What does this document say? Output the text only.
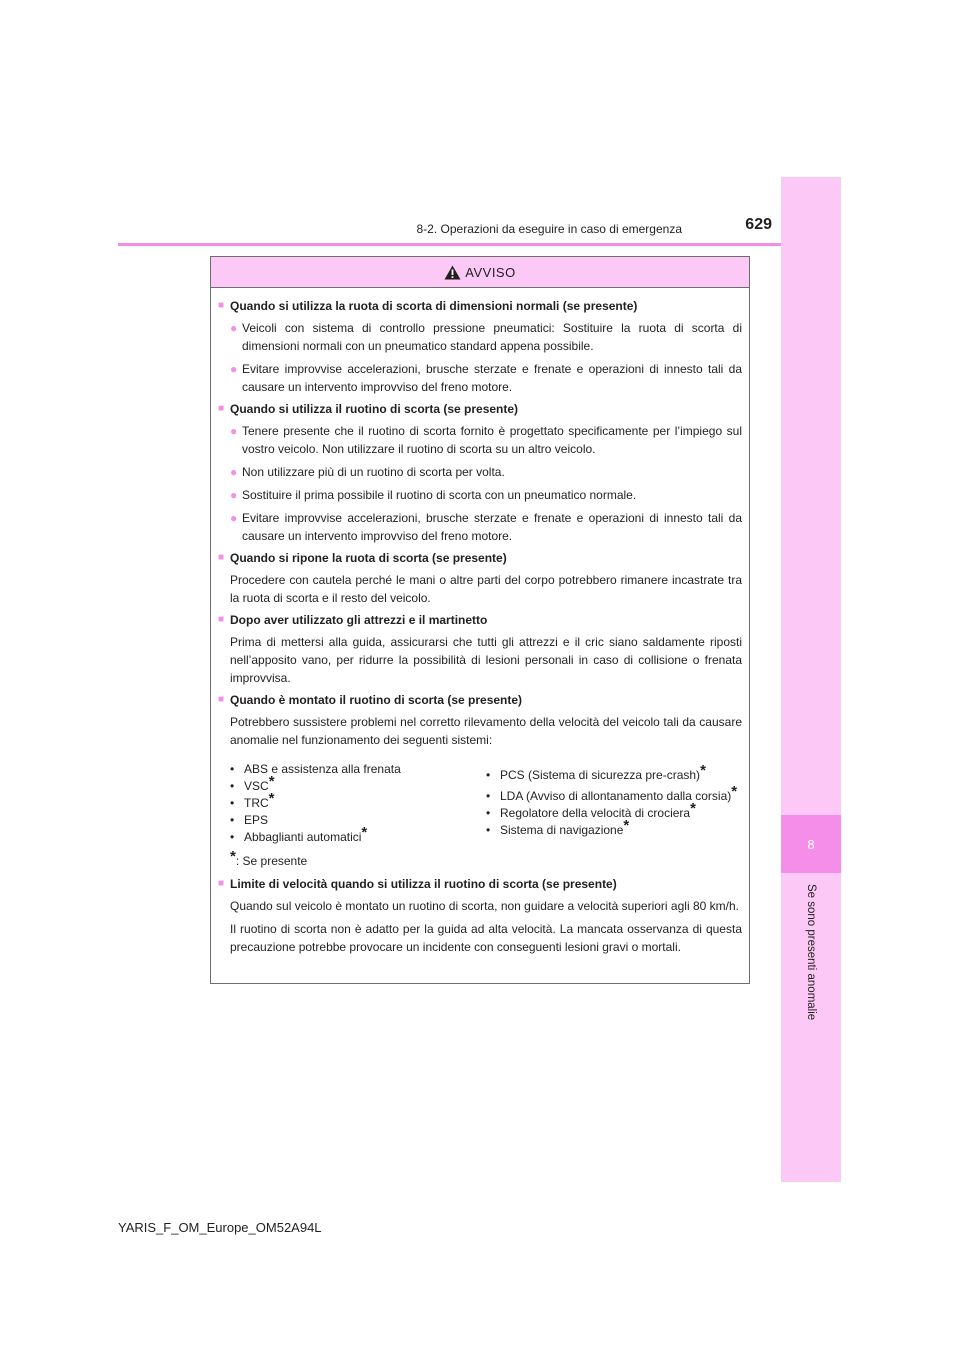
8
Se sono presenti anomalie
8-2. Operazioni da eseguire in caso di emergenza	629
AVVISO
■ Quando si utilizza la ruota di scorta di dimensioni normali (se presente)
● Veicoli con sistema di controllo pressione pneumatici: Sostituire la ruota di scorta di dimensioni normali con un pneumatico standard appena possibile.
● Evitare improvvise accelerazioni, brusche sterzate e frenate e operazioni di innesto tali da causare un intervento improvviso del freno motore.
■ Quando si utilizza il ruotino di scorta (se presente)
● Tenere presente che il ruotino di scorta fornito è progettato specificamente per l’impiego sul vostro veicolo. Non utilizzare il ruotino di scorta su un altro veicolo.
● Non utilizzare più di un ruotino di scorta per volta.
● Sostituire il prima possibile il ruotino di scorta con un pneumatico normale.
● Evitare improvvise accelerazioni, brusche sterzate e frenate e operazioni di innesto tali da causare un intervento improvviso del freno motore.
■ Quando si ripone la ruota di scorta (se presente)
Procedere con cautela perché le mani o altre parti del corpo potrebbero rimanere incastrate tra la ruota di scorta e il resto del veicolo.
■ Dopo aver utilizzato gli attrezzi e il martinetto
Prima di mettersi alla guida, assicurarsi che tutti gli attrezzi e il cric siano saldamente riposti nell’apposito vano, per ridurre la possibilità di lesioni personali in caso di collisione o frenata improvvisa.
■ Quando è montato il ruotino di scorta (se presente)
Potrebbero sussistere problemi nel corretto rilevamento della velocità del veicolo tali da causare anomalie nel funzionamento dei seguenti sistemi:
• ABS e assistenza alla frenata
• VSC*
• TRC*
• EPS
• Abbaglianti automatici*
• PCS (Sistema di sicurezza pre-crash)*
• LDA (Avviso di allontanamento dalla corsia)*
• Regolatore della velocità di crociera*
• Sistema di navigazione*
*: Se presente
■ Limite di velocità quando si utilizza il ruotino di scorta (se presente)
Quando sul veicolo è montato un ruotino di scorta, non guidare a velocità superiori agli 80 km/h.
Il ruotino di scorta non è adatto per la guida ad alta velocità. La mancata osservanza di questa precauzione potrebbe provocare un incidente con conseguenti lesioni gravi o mortali.
YARIS_F_OM_Europe_OM52A94L
